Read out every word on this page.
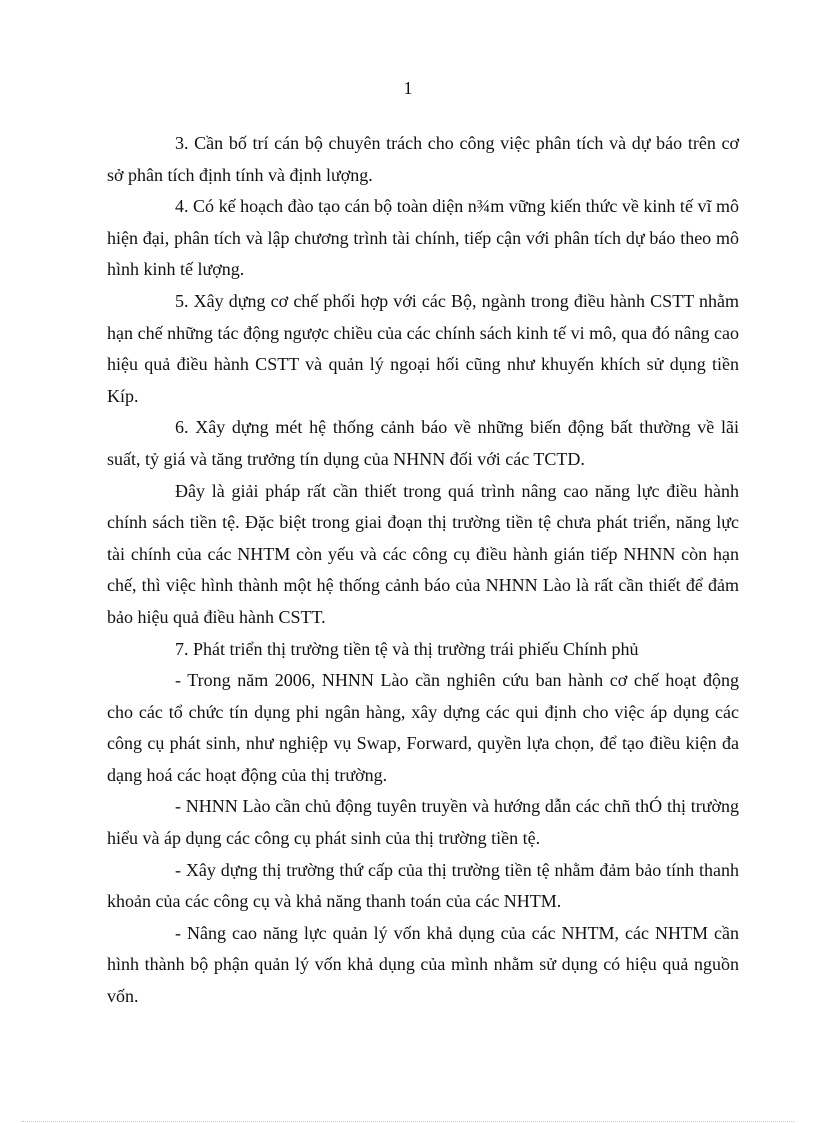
1

3. Cần bố trí cán bộ chuyên trách cho công việc phân tích và dự báo trên cơ sở phân tích định tính và định lượng.

4. Có kế hoạch đào tạo cán bộ toàn diện n¾m vững kiến thức về kinh tế vĩ mô hiện đại, phân tích và lập chương trình tài chính, tiếp cận với phân tích dự báo theo mô hình kinh tế lượng.

5. Xây dựng cơ chế phối hợp với các Bộ, ngành trong điều hành CSTT nhằm hạn chế những tác động ngược chiều của các chính sách kinh tế vi mô, qua đó nâng cao hiệu quả điều hành CSTT và quản lý ngoại hối cũng như khuyến khích sử dụng tiền Kíp.

6. Xây dựng mét hệ thống cảnh báo về những biến động bất thường về lãi suất, tỷ giá và tăng trưởng tín dụng của NHNN đối với các TCTD.

Đây là giải pháp rất cần thiết trong quá trình nâng cao năng lực điều hành chính sách tiền tệ. Đặc biệt trong giai đoạn thị trường tiền tệ chưa phát triển, năng lực tài chính của các NHTM còn yếu và các công cụ điều hành gián tiếp NHNN còn hạn chế, thì việc hình thành một hệ thống cảnh báo của NHNN Lào là rất cần thiết để đảm bảo hiệu quả điều hành CSTT.

7. Phát triển thị trường tiền tệ và thị trường trái phiếu Chính phủ

- Trong năm 2006, NHNN Lào cần nghiên cứu ban hành cơ chế hoạt động cho các tổ chức tín dụng phi ngân hàng, xây dựng các qui định cho việc áp dụng các công cụ phát sinh, như nghiệp vụ Swap, Forward, quyền lựa chọn, để tạo điều kiện đa dạng hoá các hoạt động của thị trường.

- NHNN Lào cần chủ động tuyên truyền và hướng dẫn các chñ thÓ thị trường hiểu và áp dụng các công cụ phát sinh của thị trường tiền tệ.

- Xây dựng thị trường thứ cấp của thị trường tiền tệ nhằm đảm bảo tính thanh khoản của các công cụ và khả năng thanh toán của các NHTM.

- Nâng cao năng lực quản lý vốn khả dụng của các NHTM, các NHTM cần hình thành bộ phận quản lý vốn khả dụng của mình nhằm sử dụng có hiệu quả nguồn vốn.
